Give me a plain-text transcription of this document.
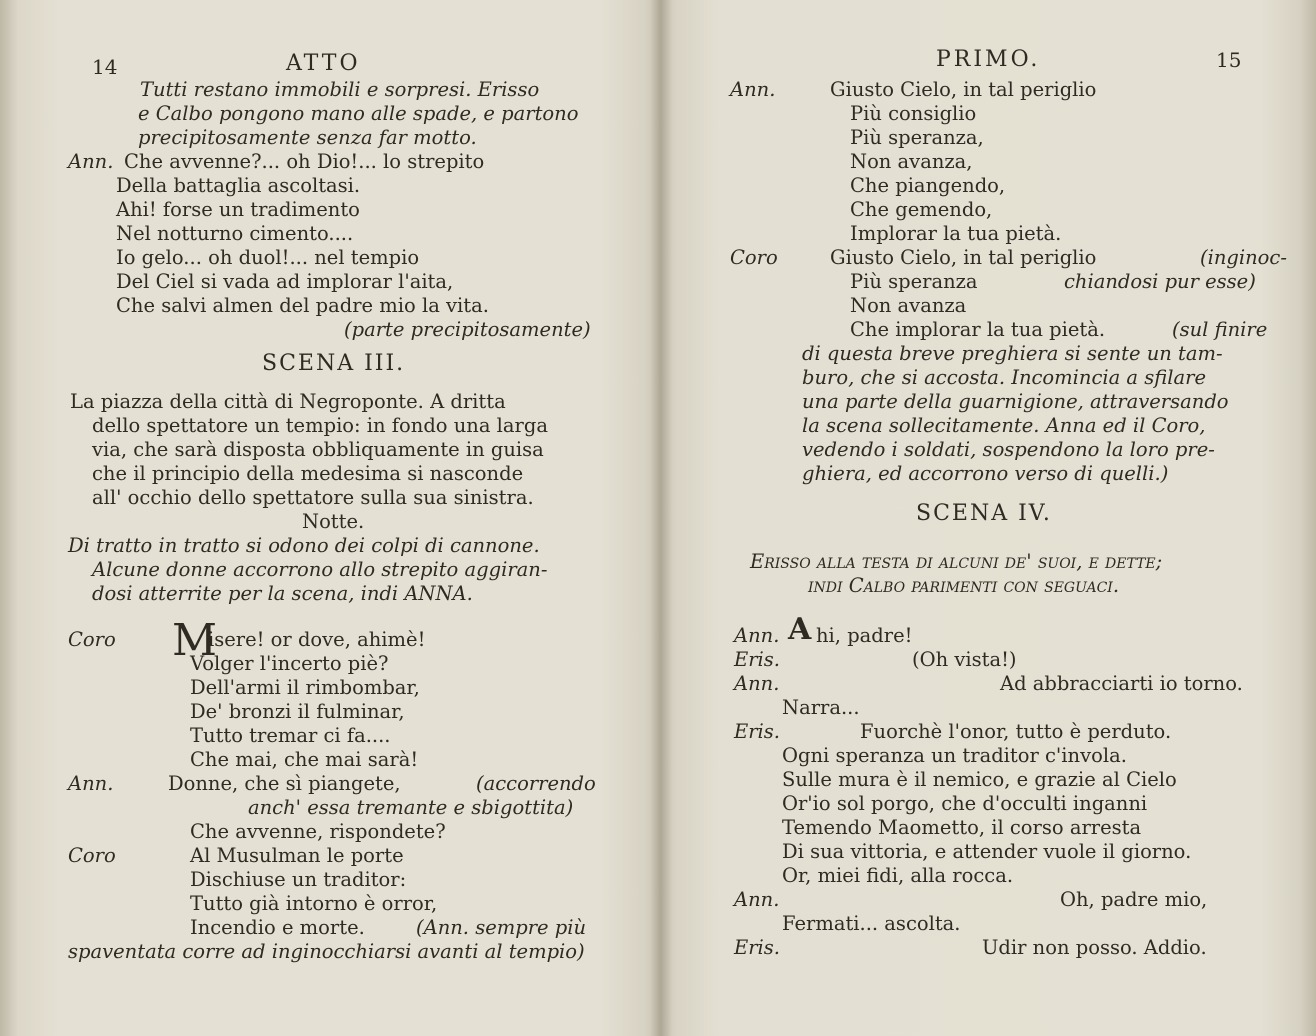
14	ATTO
Tutti restano immobili e sorpresi. Erisso
e Calbo pongono mano alle spade, e partono
precipitosamente senza far motto.
Ann. Che avvenne?... oh Dio!... lo strepito
Della battaglia ascoltasi.
Ahi! forse un tradimento
Nel notturno cimento....
Io gelo... oh duol!... nel tempio
Del Ciel si vada ad implorar l'aita,
Che salvi almen del padre mio la vita.
(parte precipitosamente)
SCENA III.
La piazza della città di Negroponte. A dritta
dello spettatore un tempio: in fondo una larga
via, che sarà disposta obbliquamente in guisa
che il principio della medesima si nasconde
all' occhio dello spettatore sulla sua sinistra.
Notte.
Di tratto in tratto si odono dei colpi di cannone.
Alcune donne accorrono allo strepito aggiran-
dosi atterrite per la scena, indi ANNA.
Coro M
isere! or dove, ahimè!
Volger l'incerto piè?
Dell'armi il rimbombar,
De' bronzi il fulminar,
Tutto tremar ci fa....
Che mai, che mai sarà!
Ann.	Donne, che sì piangete,	(accorrendo
anch' essa tremante e sbigottita)
Che avvenne, rispondete?
Coro	Al Musulman le porte
Dischiuse un traditor:
Tutto già intorno è orror,
Incendio e morte.	(Ann. sempre più
spaventata corre ad inginocchiarsi avanti al tempio)
PRIMO.	15
Ann.	Giusto Cielo, in tal periglio
Più consiglio
Più speranza,
Non avanza,
Che piangendo,
Che gemendo,
Implorar la tua pietà.
Coro	Giusto Cielo, in tal periglio	(inginoc-
Più speranza	chiandosi pur esse)
Non avanza
Che implorar la tua pietà.	(sul finire
di questa breve preghiera si sente un tam-
buro, che si accosta. Incomincia a sfilare
una parte della guarnigione, attraversando
la scena sollecitamente. Anna ed il Coro,
vedendo i soldati, sospendono la loro pre-
ghiera, ed accorrono verso di quelli.)
SCENA IV.
Erisso alla testa di alcuni de' suoi, e dette;
indi Calbo parimenti con seguaci.
Ann. A hi, padre!
Eris.	(Oh vista!)
Ann.	Ad abbracciarti io torno.
Narra...
Eris.	Fuorchè l'onor, tutto è perduto.
Ogni speranza un traditor c'invola.
Sulle mura è il nemico, e grazie al Cielo
Or'io sol porgo, che d'occulti inganni
Temendo Maometto, il corso arresta
Di sua vittoria, e attender vuole il giorno.
Or, miei fidi, alla rocca.
Ann.	Oh, padre mio,
Fermati... ascolta.
Eris.	Udir non posso. Addio.
